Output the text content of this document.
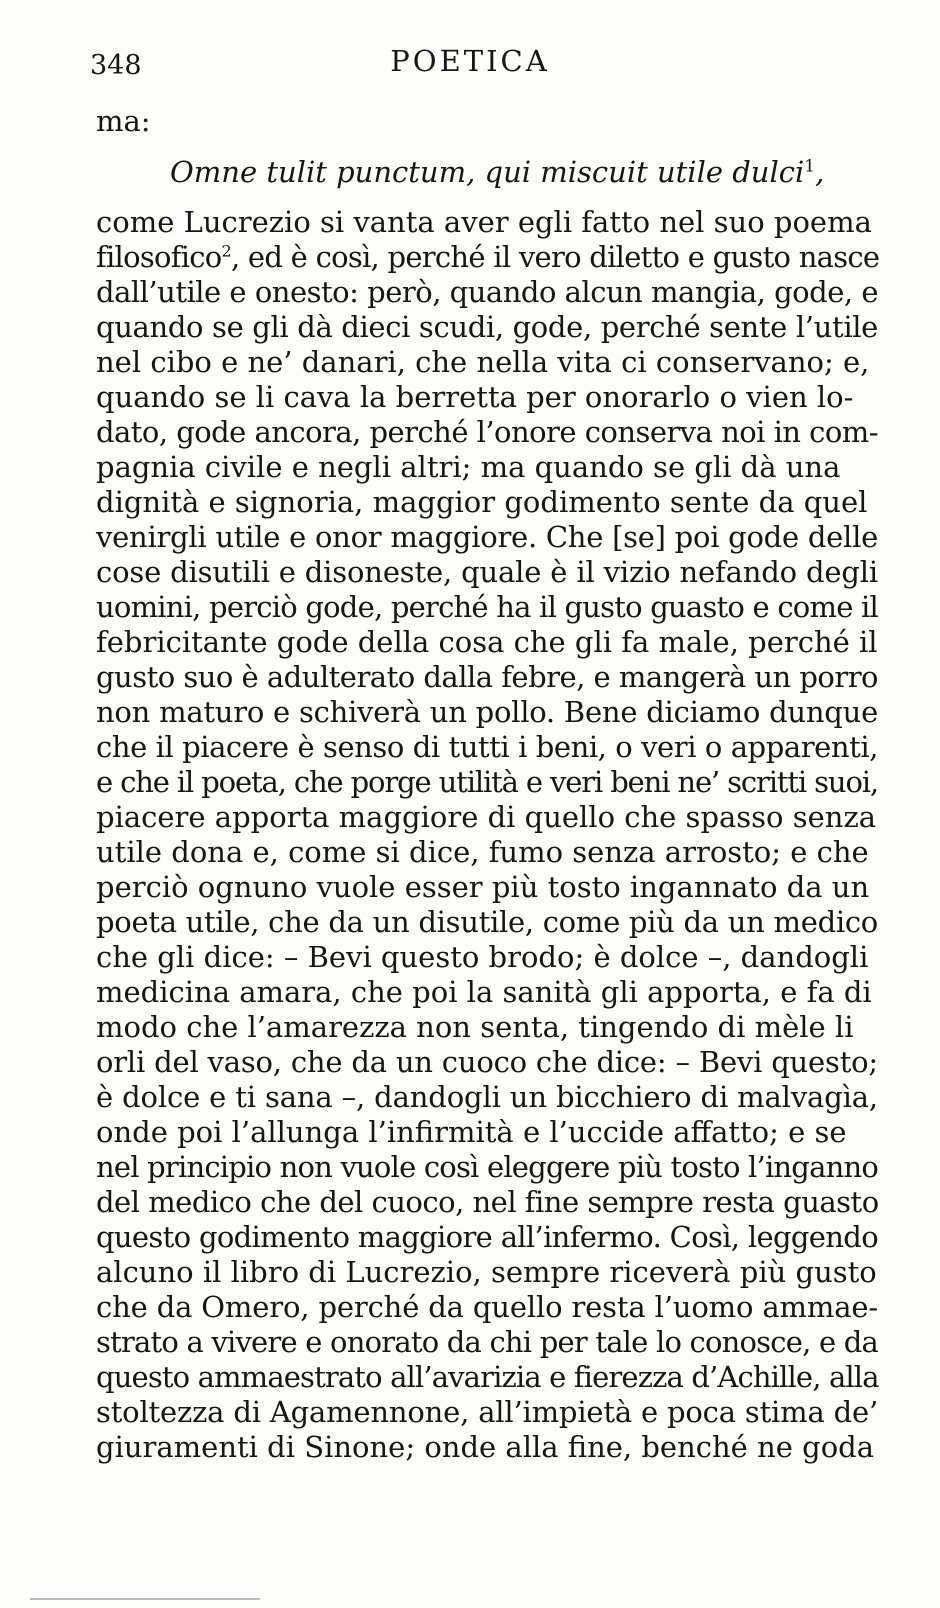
348	POETICA
ma:
Omne tulit punctum, qui miscuit utile dulci$^1$,
come Lucrezio si vanta aver egli fatto nel suo poema
filosofico$^2$, ed è così, perché il vero diletto e gusto nasce
dall’utile e onesto: però, quando alcun mangia, gode, e
quando se gli dà dieci scudi, gode, perché sente l’utile
nel cibo e ne’ danari, che nella vita ci conservano; e,
quando se li cava la berretta per onorarlo o vien lo-
dato, gode ancora, perché l’onore conserva noi in com-
pagnia civile e negli altri; ma quando se gli dà una
dignità e signoria, maggior godimento sente da quel
venirgli utile e onor maggiore. Che [se] poi gode delle
cose disutili e disoneste, quale è il vizio nefando degli
uomini, perciò gode, perché ha il gusto guasto e come il
febricitante gode della cosa che gli fa male, perché il
gusto suo è adulterato dalla febre, e mangerà un porro
non maturo e schiverà un pollo. Bene diciamo dunque
che il piacere è senso di tutti i beni, o veri o apparenti,
e che il poeta, che porge utilità e veri beni ne’ scritti suoi,
piacere apporta maggiore di quello che spasso senza
utile dona e, come si dice, fumo senza arrosto; e che
perciò ognuno vuole esser più tosto ingannato da un
poeta utile, che da un disutile, come più da un medico
che gli dice: – Bevi questo brodo; è dolce –, dandogli
medicina amara, che poi la sanità gli apporta, e fa di
modo che l’amarezza non senta, tingendo di mèle li
orli del vaso, che da un cuoco che dice: – Bevi questo;
è dolce e ti sana –, dandogli un bicchiero di malvagìa,
onde poi l’allunga l’infirmità e l’uccide affatto; e se
nel principio non vuole così eleggere più tosto l’inganno
del medico che del cuoco, nel fine sempre resta guasto
questo godimento maggiore all’infermo. Così, leggendo
alcuno il libro di Lucrezio, sempre riceverà più gusto
che da Omero, perché da quello resta l’uomo ammae-
strato a vivere e onorato da chi per tale lo conosce, e da
questo ammaestrato all’avarizia e fierezza d’Achille, alla
stoltezza di Agamennone, all’impietà e poca stima de’
giuramenti di Sinone; onde alla fine, benché ne goda
